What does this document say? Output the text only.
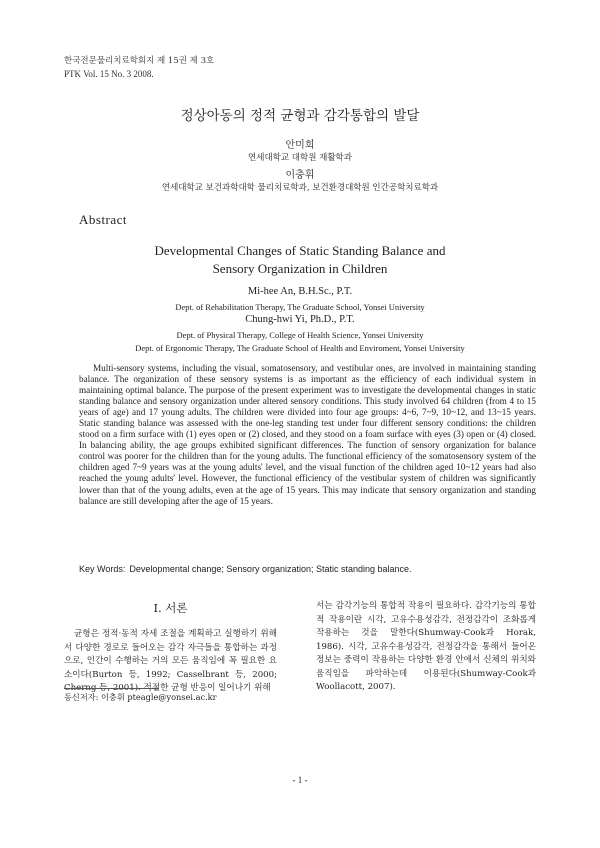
한국전문물리치료학회지 제 15권 제 3호
PTK Vol. 15 No. 3 2008.
정상아동의 정적 균형과 감각통합의 발달
안미희
연세대학교 대학원 재활학과
이충휘
연세대학교 보건과학대학 물리치료학과, 보건환경대학원 인간공학치료학과
Abstract
Developmental Changes of Static Standing Balance and
Sensory Organization in Children
Mi-hee An, B.H.Sc., P.T.
Dept. of Rehabilitation Therapy, The Graduate School, Yonsei University
Chung-hwi Yi, Ph.D., P.T.
Dept. of Physical Therapy, College of Health Science, Yonsei University
Dept. of Ergonomic Therapy, The Graduate School of Health and Enviroment, Yonsei University

Multi-sensory systems, including the visual, somatosensory, and vestibular ones, are involved in maintaining standing balance. The organization of these sensory systems is as important as the efficiency of each individual system in maintaining optimal balance. The purpose of the present experiment was to investigate the developmental changes in static standing balance and sensory organization under altered sensory conditions. This study involved 64 children (from 4 to 15 years of age) and 17 young adults. The children were divided into four age groups: 4~6, 7~9, 10~12, and 13~15 years. Static standing balance was assessed with the one-leg standing test under four different sensory conditions: the children stood on a firm surface with (1) eyes open or (2) closed, and they stood on a foam surface with eyes (3) open or (4) closed. In balancing ability, the age groups exhibited significant differences. The function of sensory organization for balance control was poorer for the children than for the young adults. The functional efficiency of the somatosensory system of the children aged 7~9 years was at the young adults' level, and the visual function of the children aged 10~12 years had also reached the young adults' level. However, the functional efficiency of the vestibular system of children was significantly lower than that of the young adults, even at the age of 15 years. This may indicate that sensory organization and standing balance are still developing after the age of 15 years.

Key Words: Developmental change; Sensory organization; Static standing balance.
Ⅰ. 서론
균형은 정적·동적 자세 조절을 계획하고 실행하기 위해서 다양한 경로로 들어오는 감각 자극들을 통합하는 과정으로, 인간이 수행하는 거의 모든 움직임에 꼭 필요한 요소이다(Burton 등, 1992; Casselbrant 등, 2000; Cherng 등, 2001). 적절한 균형 반응이 일어나기 위해
서는 감각기능의 통합적 작용이 필요하다. 감각기능의 통합적 작용이란 시각, 고유수용성감각, 전정감각이 조화롭게 작용하는 것을 말한다(Shumway-Cook과 Horak, 1986). 시각, 고유수용성감각, 전정감각을 통해서 들어온 정보는 중력이 작용하는 다양한 환경 안에서 신체의 위치와 움직임을 파악하는데 이용된다(Shumway-Cook과 Woollacott, 2007).
동신저자: 이충휘 pteagle@yonsei.ac.kr
- 1 -
